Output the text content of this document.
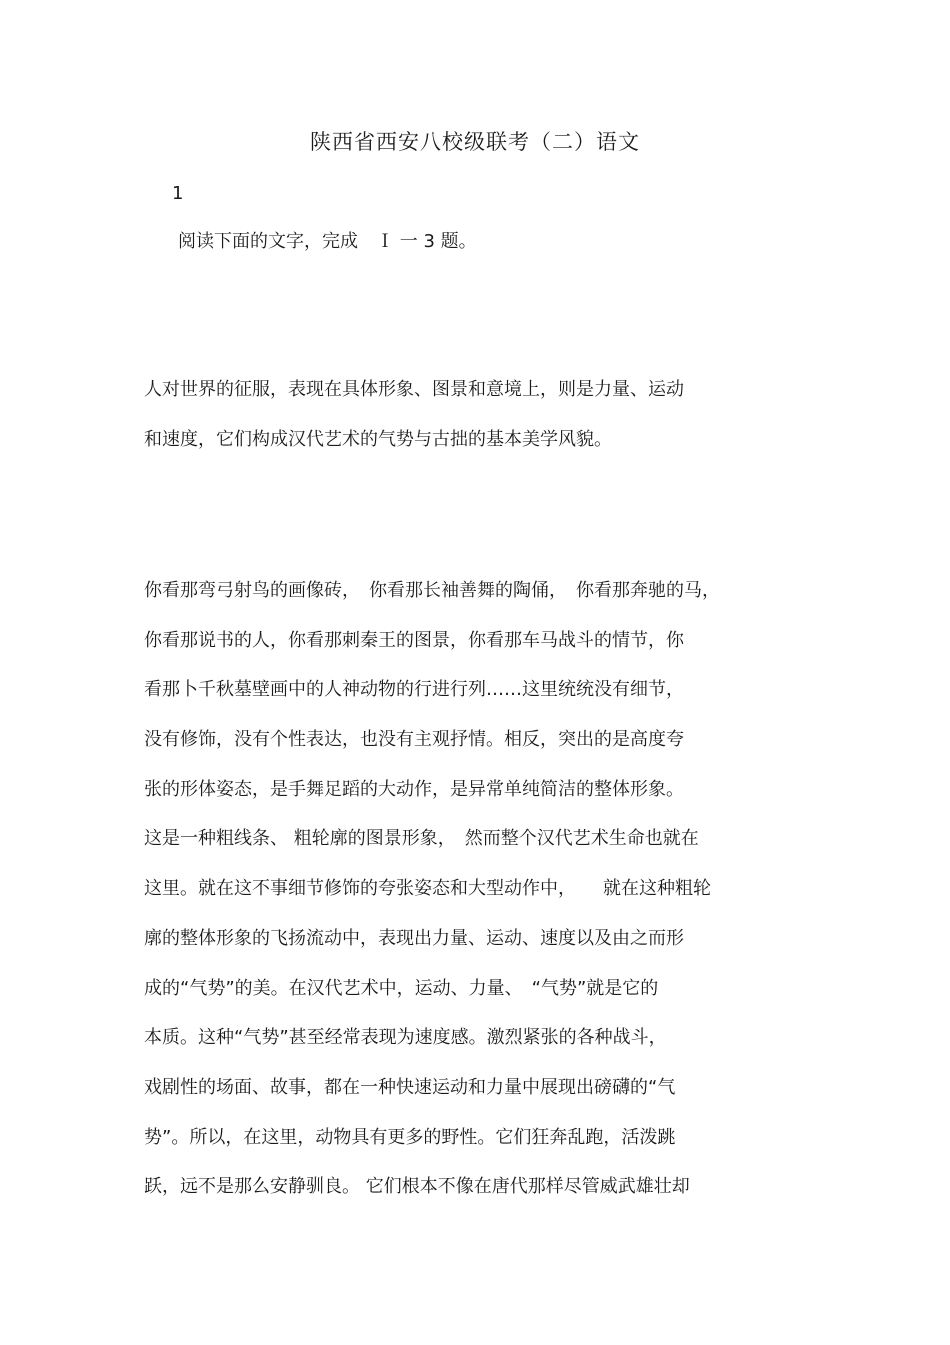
陕西省西安八校级联考（二）语文
1
阅读下面的文字，完成　Ｉ 一 3 题。
人对世界的征服，表现在具体形象、图景和意境上，则是力量、运动
和速度，它们构成汉代艺术的气势与古拙的基本美学风貌。
你看那弯弓射鸟的画像砖，　你看那长袖善舞的陶俑，　你看那奔驰的马，
你看那说书的人，你看那刺秦王的图景，你看那车马战斗的情节，你
看那卜千秋墓壁画中的人神动物的行进行列……这里统统没有细节，
没有修饰，没有个性表达，也没有主观抒情。相反，突出的是高度夸
张的形体姿态，是手舞足蹈的大动作，是异常单纯简洁的整体形象。
这是一种粗线条、 粗轮廓的图景形象，　然而整个汉代艺术生命也就在
这里。就在这不事细节修饰的夸张姿态和大型动作中，　　就在这种粗轮
廓的整体形象的飞扬流动中，表现出力量、运动、速度以及由之而形
成的“气势”的美。在汉代艺术中，运动、力量、　“气势”就是它的
本质。这种“气势”甚至经常表现为速度感。激烈紧张的各种战斗，
戏剧性的场面、故事，都在一种快速运动和力量中展现出磅礴的“气
势”。所以，在这里，动物具有更多的野性。它们狂奔乱跑，活泼跳
跃，远不是那么安静驯良。 它们根本不像在唐代那样尽管威武雄壮却
